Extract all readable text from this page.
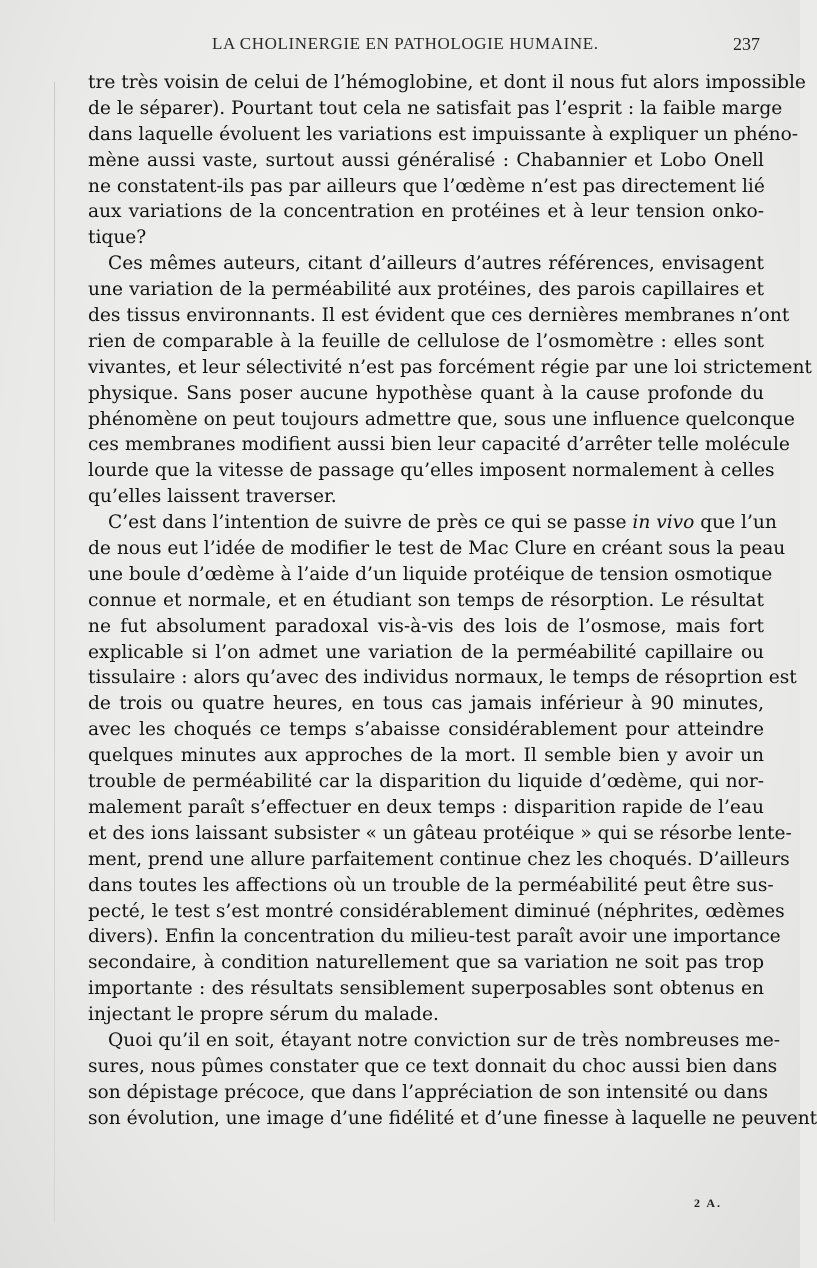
LA CHOLINERGIE EN PATHOLOGIE HUMAINE.	237
tre très voisin de celui de l’hémoglobine, et dont il nous fut alors impossible
de le séparer). Pourtant tout cela ne satisfait pas l’esprit : la faible marge
dans laquelle évoluent les variations est impuissante à expliquer un phéno-
mène aussi vaste, surtout aussi généralisé : Chabannier et Lobo Onell
ne constatent-ils pas par ailleurs que l’œdème n’est pas directement lié
aux variations de la concentration en protéines et à leur tension onko-
tique?
Ces mêmes auteurs, citant d’ailleurs d’autres références, envisagent
une variation de la perméabilité aux protéines, des parois capillaires et
des tissus environnants. Il est évident que ces dernières membranes n’ont
rien de comparable à la feuille de cellulose de l’osmomètre : elles sont
vivantes, et leur sélectivité n’est pas forcément régie par une loi strictement
physique. Sans poser aucune hypothèse quant à la cause profonde du
phénomène on peut toujours admettre que, sous une influence quelconque
ces membranes modifient aussi bien leur capacité d’arrêter telle molécule
lourde que la vitesse de passage qu’elles imposent normalement à celles
qu’elles laissent traverser.
C’est dans l’intention de suivre de près ce qui se passe in vivo que l’un
de nous eut l’idée de modifier le test de Mac Clure en créant sous la peau
une boule d’œdème à l’aide d’un liquide protéique de tension osmotique
connue et normale, et en étudiant son temps de résorption. Le résultat
ne fut absolument paradoxal vis-à-vis des lois de l’osmose, mais fort
explicable si l’on admet une variation de la perméabilité capillaire ou
tissulaire : alors qu’avec des individus normaux, le temps de résoprtion est
de trois ou quatre heures, en tous cas jamais inférieur à 90 minutes,
avec les choqués ce temps s’abaisse considérablement pour atteindre
quelques minutes aux approches de la mort. Il semble bien y avoir un
trouble de perméabilité car la disparition du liquide d’œdème, qui nor-
malement paraît s’effectuer en deux temps : disparition rapide de l’eau
et des ions laissant subsister « un gâteau protéique » qui se résorbe lente-
ment, prend une allure parfaitement continue chez les choqués. D’ailleurs
dans toutes les affections où un trouble de la perméabilité peut être sus-
pecté, le test s’est montré considérablement diminué (néphrites, œdèmes
divers). Enfin la concentration du milieu-test paraît avoir une importance
secondaire, à condition naturellement que sa variation ne soit pas trop
importante : des résultats sensiblement superposables sont obtenus en
injectant le propre sérum du malade.
Quoi qu’il en soit, étayant notre conviction sur de très nombreuses me-
sures, nous pûmes constater que ce text donnait du choc aussi bien dans
son dépistage précoce, que dans l’appréciation de son intensité ou dans
son évolution, une image d’une fidélité et d’une finesse à laquelle ne peuvent
2 A.
